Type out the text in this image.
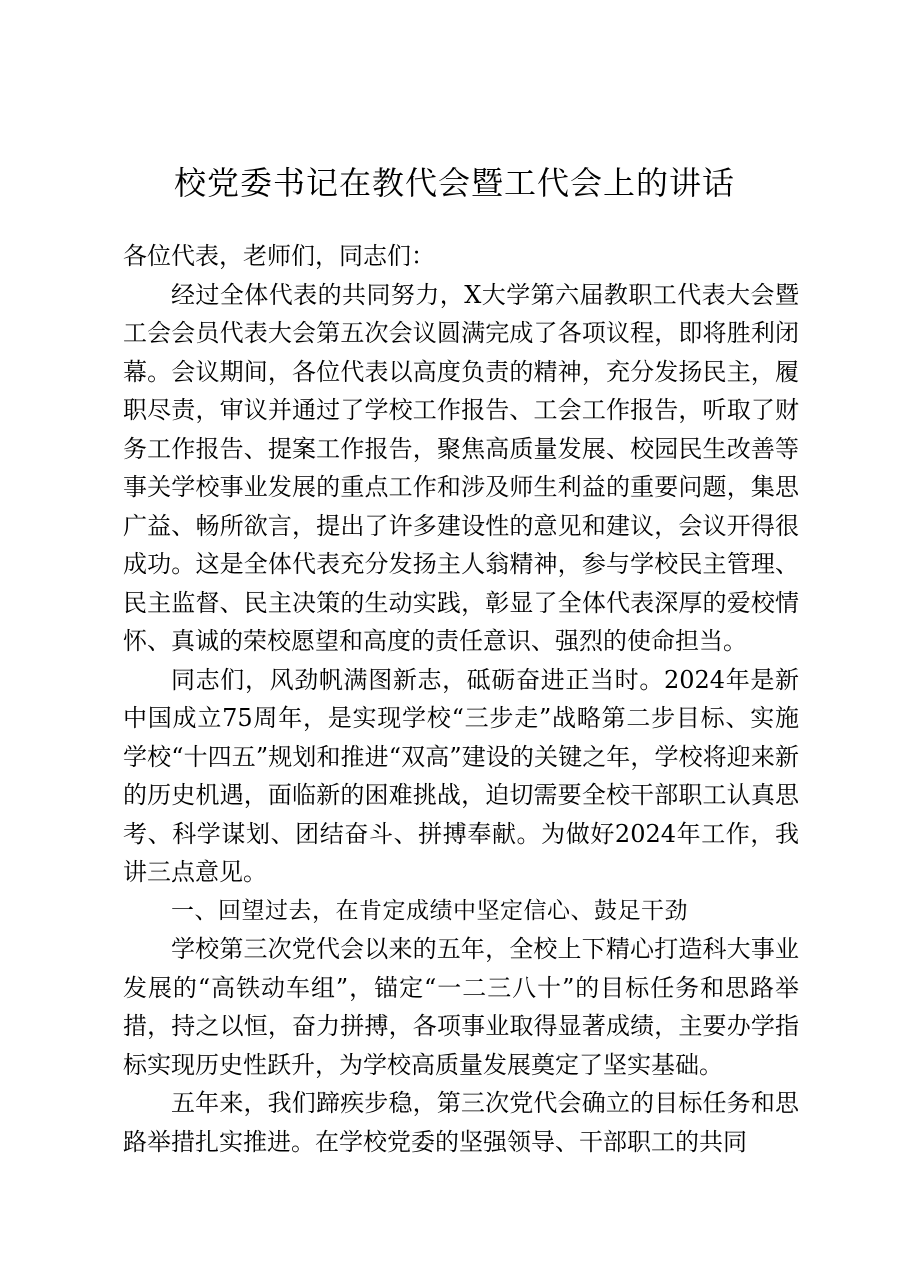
校党委书记在教代会暨工代会上的讲话

各位代表，老师们，同志们：

经过全体代表的共同努力，X大学第六届教职工代表大会暨工会会员代表大会第五次会议圆满完成了各项议程，即将胜利闭幕。会议期间，各位代表以高度负责的精神，充分发扬民主，履职尽责，审议并通过了学校工作报告、工会工作报告，听取了财务工作报告、提案工作报告，聚焦高质量发展、校园民生改善等事关学校事业发展的重点工作和涉及师生利益的重要问题，集思广益、畅所欲言，提出了许多建设性的意见和建议，会议开得很成功。这是全体代表充分发扬主人翁精神，参与学校民主管理、民主监督、民主决策的生动实践，彰显了全体代表深厚的爱校情怀、真诚的荣校愿望和高度的责任意识、强烈的使命担当。

同志们，风劲帆满图新志，砥砺奋进正当时。2024年是新中国成立75周年，是实现学校“三步走”战略第二步目标、实施学校“十四五”规划和推进“双高”建设的关键之年，学校将迎来新的历史机遇，面临新的困难挑战，迫切需要全校干部职工认真思考、科学谋划、团结奋斗、拼搏奉献。为做好2024年工作，我讲三点意见。

一、回望过去，在肯定成绩中坚定信心、鼓足干劲

学校第三次党代会以来的五年，全校上下精心打造科大事业发展的“高铁动车组”，锚定“一二三八十”的目标任务和思路举措，持之以恒，奋力拼搏，各项事业取得显著成绩，主要办学指标实现历史性跃升，为学校高质量发展奠定了坚实基础。

五年来，我们蹄疾步稳，第三次党代会确立的目标任务和思路举措扎实推进。在学校党委的坚强领导、干部职工的共同
